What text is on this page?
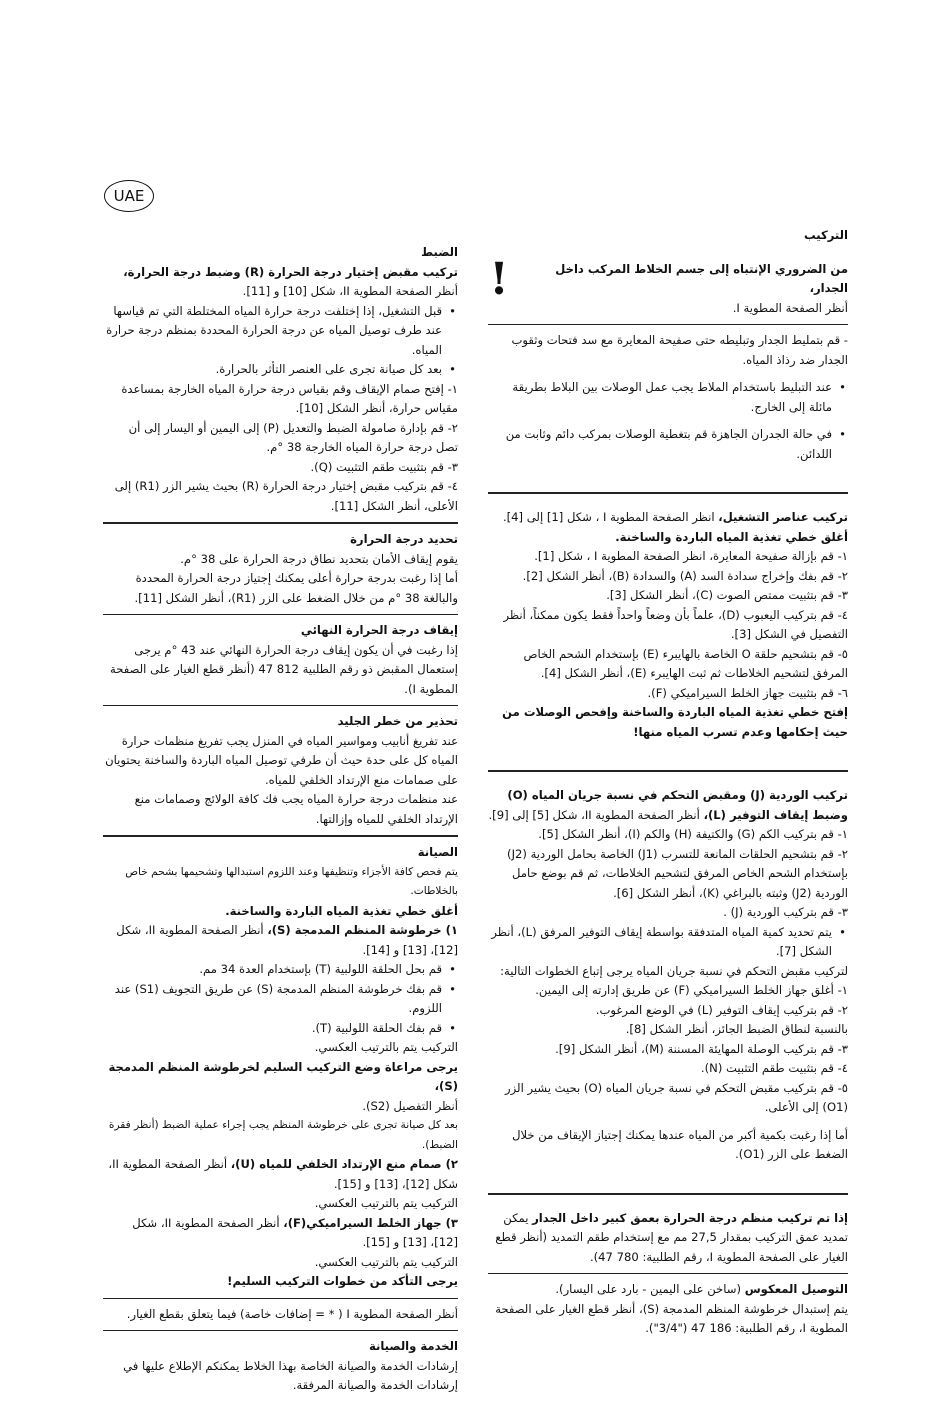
UAE

التركيب

من الضروري الإنتباه إلى جسم الخلاط المركب داخل الجدار،

أنظر الصفحة المطوية I.

!

- قم بتمليط الجدار وتبليطه حتى صفيحة المعايرة مع سد فتحات وثقوب الجدار ضد رذاذ المياه.

• عند التبليط باستخدام الملاط يجب عمل الوصلات بين البلاط بطريقة مائلة إلى الخارج.

• في حالة الجدران الجاهزة قم بتغطية الوصلات بمركب دائم وثابت من اللدائن.

تركيب عناصر التشغيل، انظر الصفحة المطوية I ، شكل [1] إلى [4].

أغلق خطي تغذية المياه الباردة والساخنة.

١- قم بإزالة صفيحة المعايرة، انظر الصفحة المطوية I ، شكل [1].

٢- قم بفك وإخراج سدادة السد (A) والسدادة (B)، أنظر الشكل [2].

٣- قم بتثبيت ممتص الصوت (C)، أنظر الشكل [3].

٤- قم بتركيب اليعبوب (D)، علماً بأن وضعاً واحداً فقط يكون ممكناً، أنظر التفصيل في الشكل [3].

٥- قم بتشحيم حلقة O الخاصة بالهايبرء (E) بإستخدام الشحم الخاص المرفق لتشحيم الخلاطات ثم ثبت الهايبرء (E)، أنظر الشكل [4].

٦- قم بتثبيت جهاز الخلط السيراميكي (F).

إفتح خطي تغذية المياه الباردة والساخنة وإفحص الوصلات من حيث إحكامها وعدم تسرب المياه منها!

تركيب الوردية (J) ومقبض التحكم في نسبة جريان المياه (O) وضبط إيقاف التوفير (L)، أنظر الصفحة المطوية II، شكل [5] إلى [9].

١- قم بتركيب الكم (G) والكتيفة (H) والكم (I)، أنظر الشكل [5].

٢- قم بتشحيم الحلقات المانعة للتسرب (J1) الخاصة بحامل الوردية (J2) بإستخدام الشحم الخاص المرفق لتشحيم الخلاطات، ثم قم بوضع حامل الوردية (J2) وثبته بالبراغي (K)، أنظر الشكل [6].

٣- قم بتركيب الوردية (J) .

• يتم تحديد كمية المياه المتدفقة بواسطة إيقاف التوفير المرفق (L)، أنظر الشكل [7].

لتركيب مقبض التحكم في نسبة جريان المياه يرجى إتباع الخطوات التالية:

١- أغلق جهاز الخلط السيراميكي (F) عن طريق إدارته إلى اليمين.

٢- قم بتركيب إيقاف التوفير (L) في الوضع المرغوب.

بالنسبة لنطاق الضبط الجائز، أنظر الشكل [8].

٣- قم بتركيب الوصلة المهايئة المسننة (M)، أنظر الشكل [9].

٤- قم بتثبيت طقم التثبيت (N).

٥- قم بتركيب مقبض التحكم في نسبة جريان المياه (O) بحيث يشير الزر (O1) إلى الأعلى.

أما إذا رغبت بكمية أكبر من المياه عندها يمكنك إجتياز الإيقاف من خلال الضغط على الزر (O1).

إذا تم تركيب منظم درجة الحرارة بعمق كبير داخل الجدار يمكن تمديد عمق التركيب بمقدار 27,5 مم مع إستخدام طقم التمديد (أنظر قطع الغيار على الصفحة المطوية I، رقم الطلبية: 780 47).

التوصيل المعكوس (ساخن على اليمين - بارد على اليسار).

يتم إستبدال خرطوشة المنظم المدمجة (S)، أنظر قطع الغيار على الصفحة المطوية I، رقم الطلبية: 186 47 ("3/4").

الضبط

تركيب مقبض إختيار درجة الحرارة (R) وضبط درجة الحرارة،

أنظر الصفحة المطوية II، شكل [10] و [11].

• قبل التشغيل، إذا إختلفت درجة حرارة المياه المختلطة التي تم قياسها عند طرف توصيل المياه عن درجة الحرارة المحددة بمنظم درجة حرارة المياه.

• بعد كل صيانة تجرى على العنصر التأثر بالحرارة.

١- إفتح صمام الإيقاف وقم بقياس درجة حرارة المياه الخارجة بمساعدة مقياس حرارة، أنظر الشكل [10].

٢- قم بإدارة صامولة الضبط والتعديل (P) إلى اليمين أو اليسار إلى أن تصل درجة حرارة المياه الخارجة 38 °م.

٣- قم بتثبيت طقم التثبيت (Q).

٤- قم بتركيب مقبض إختيار درجة الحرارة (R) بحيث يشير الزر (R1) إلى الأعلى، أنظر الشكل [11].

تحديد درجة الحرارة

يقوم إيقاف الأمان بتحديد نطاق درجة الحرارة على 38 °م.

أما إذا رغبت بدرجة حرارة أعلى يمكنك إجتياز درجة الحرارة المحددة والبالغة 38 °م من خلال الضغط على الزر (R1)، أنظر الشكل [11].

إيقاف درجة الحرارة النهائي

إذا رغبت في أن يكون إيقاف درجة الحرارة النهائي عند 43 °م يرجى إستعمال المقبض ذو رقم الطلبية 812 47 (أنظر قطع الغيار على الصفحة المطوية I).

تحذير من خطر الجليد

عند تفريغ أنابيب ومواسير المياه في المنزل يجب تفريغ منظمات حرارة المياه كل على حدة حيث أن طرفي توصيل المياه الباردة والساخنة يحتويان على صمامات منع الإرتداد الخلفي للمياه.

عند منظمات درجة حرارة المياه يجب فك كافة الولائج وصمامات منع الإرتداد الخلفي للمياه وإزالتها.

الصيانة

يتم فحص كافة الأجزاء وتنظيفها وعند اللزوم استبدالها وتشحيمها بشحم خاص بالخلاطات.

أغلق خطي تغذية المياه الباردة والساخنة.

١) خرطوشة المنظم المدمجة (S)، أنظر الصفحة المطوية II، شكل [12]، [13] و [14].

• قم بحل الحلقة اللولبية (T) بإستخدام العدة 34 مم.

• قم بفك خرطوشة المنظم المدمجة (S) عن طريق التجويف (S1) عند اللزوم.

• قم بفك الحلقة اللولبية (T).

التركيب يتم بالترتيب العكسي.

يرجى مراعاة وضع التركيب السليم لخرطوشة المنظم المدمجة (S)،

أنظر التفصيل (S2).

بعد كل صيانة تجرى على خرطوشة المنظم يجب إجراء عملية الضبط (أنظر فقرة الضبط).

٢) صمام منع الإرتداد الخلفي للمياه (U)، أنظر الصفحة المطوية II، شكل [12]، [13] و [15].

التركيب يتم بالترتيب العكسي.

٣) جهاز الخلط السيراميكي(F)، أنظر الصفحة المطوية II، شكل [12]، [13] و [15].

التركيب يتم بالترتيب العكسي.

يرجى التأكد من خطوات التركيب السليم!

أنظر الصفحة المطوية I ( * = إضافات خاصة) فيما يتعلق بقطع الغيار.

الخدمة والصيانة

إرشادات الخدمة والصيانة الخاصة بهذا الخلاط يمكنكم الإطلاع عليها في إرشادات الخدمة والصيانة المرفقة.
